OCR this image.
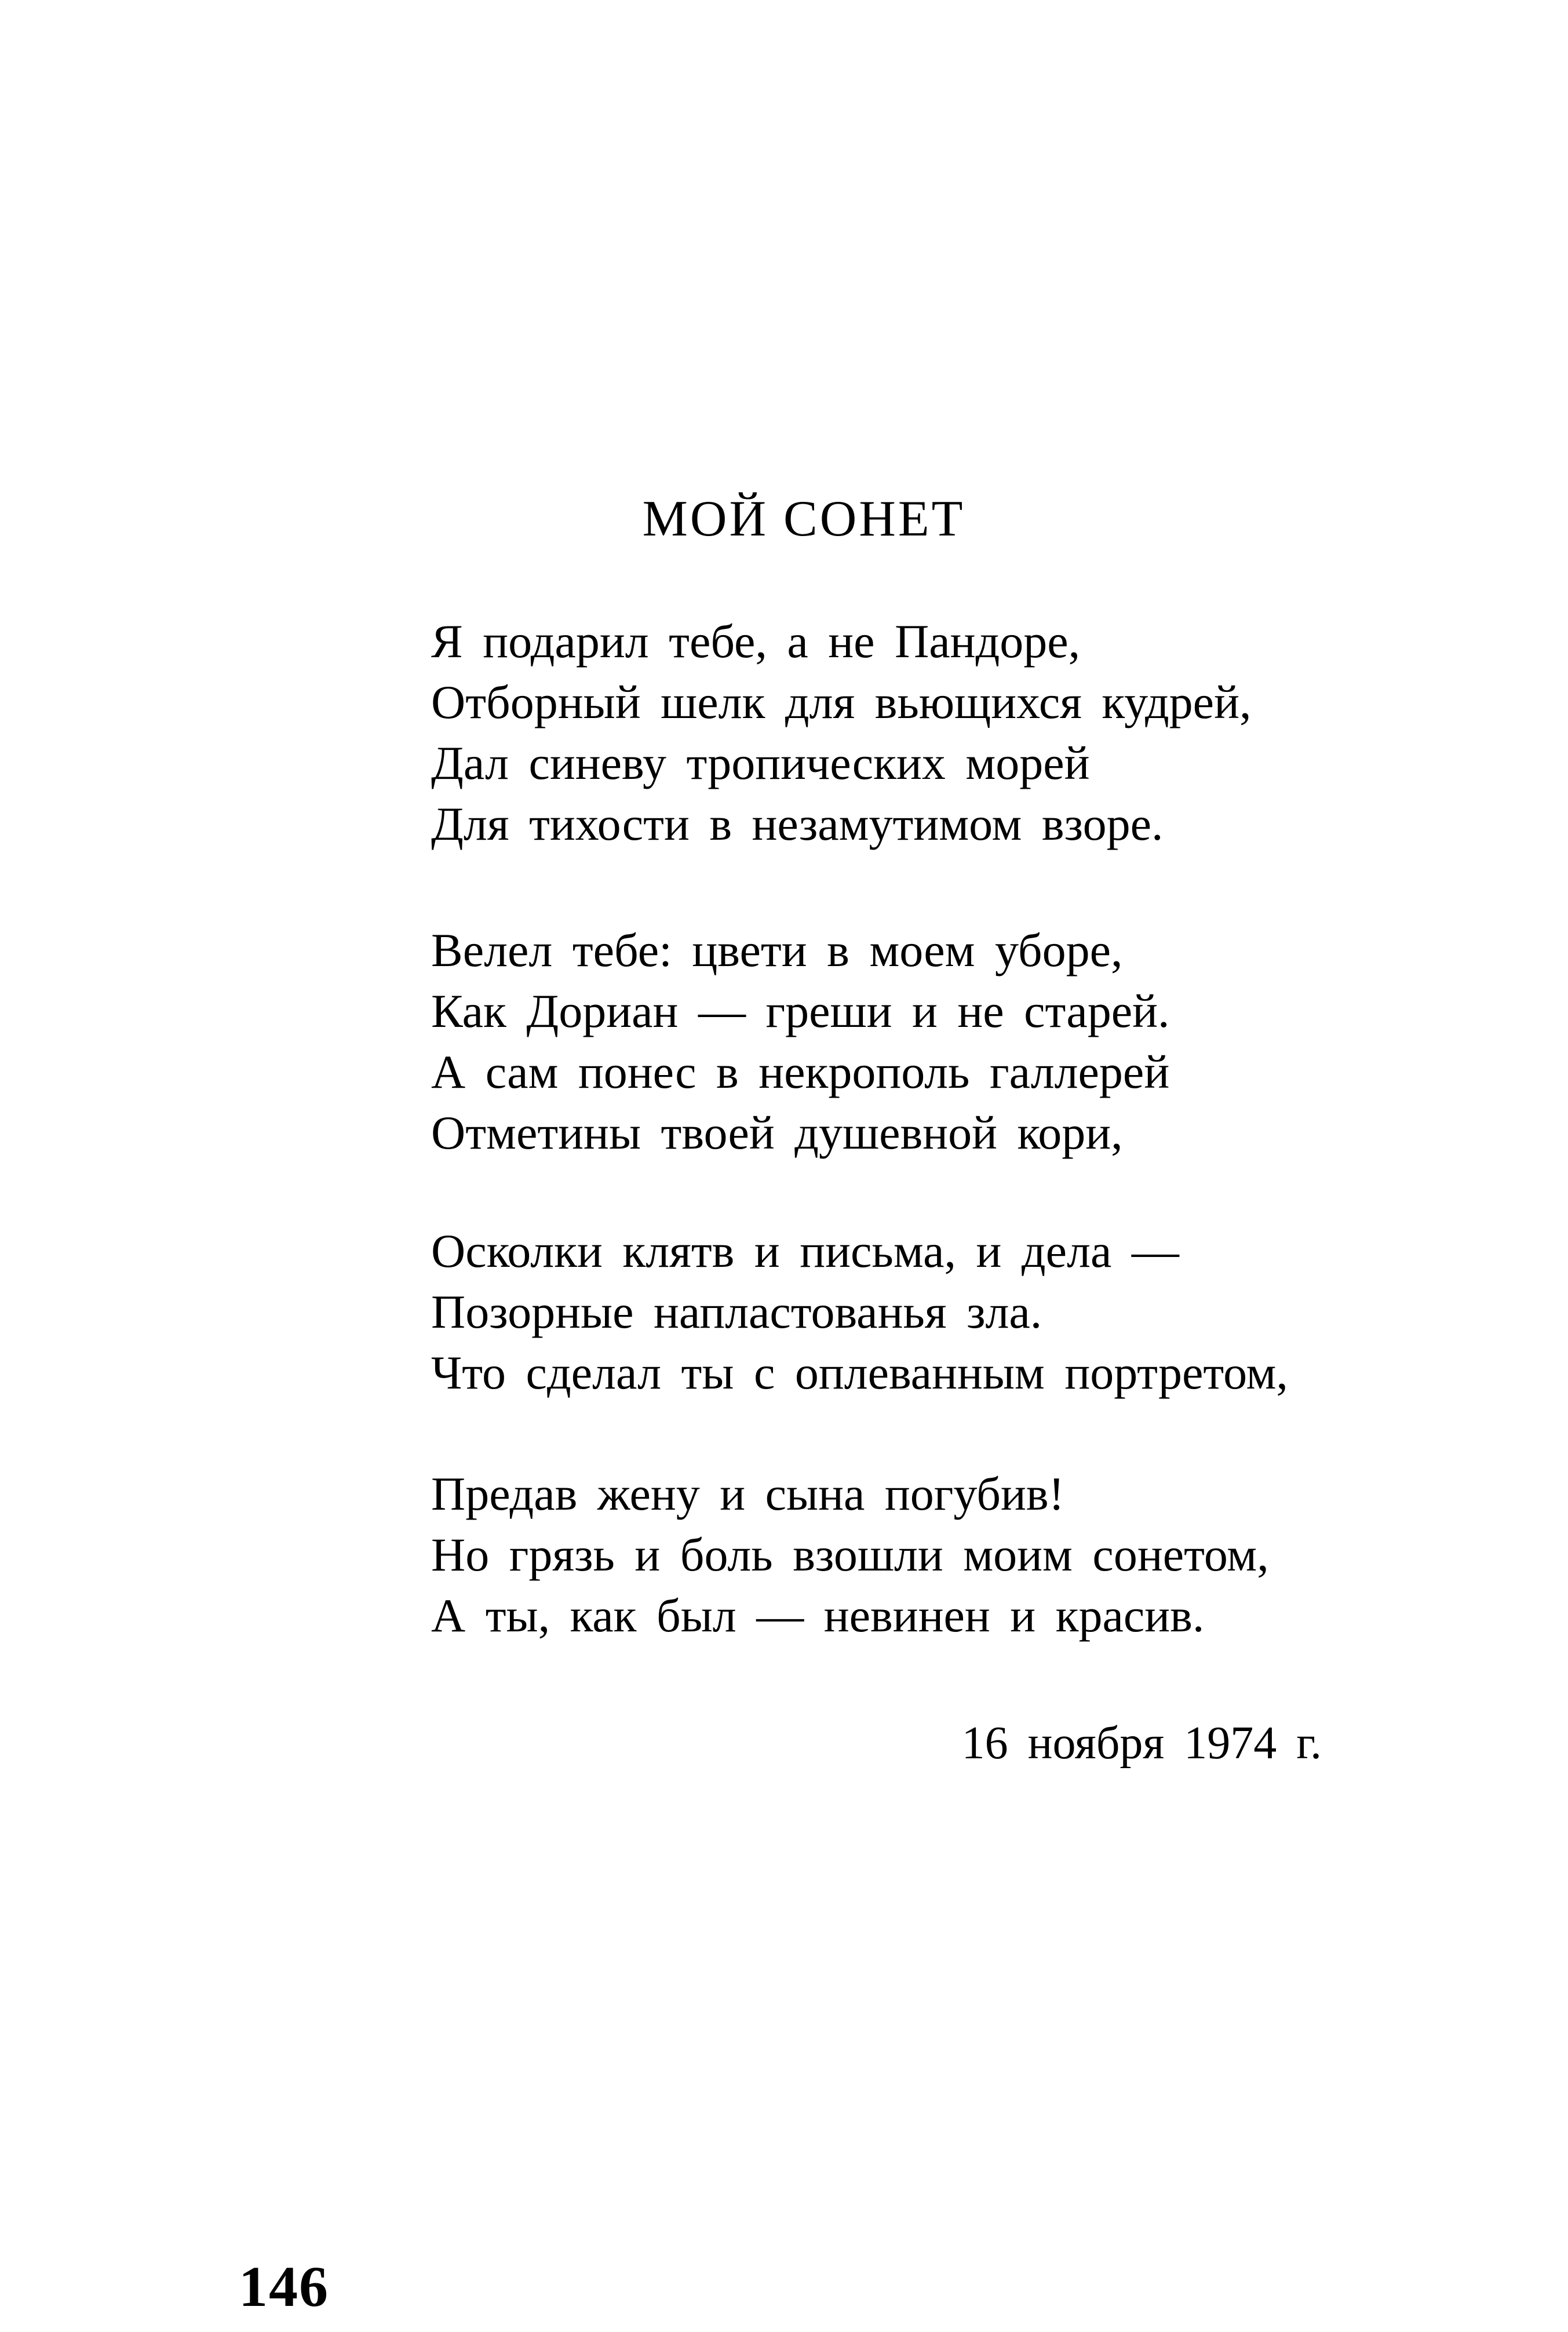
МОЙ СОНЕТ
Я подарил тебе, а не Пандоре,
Отборный шелк для вьющихся кудрей,
Дал синеву тропических морей
Для тихости в незамутимом взоре.
Велел тебе: цвети в моем уборе,
Как Дориан — греши и не старей.
А сам понес в некрополь галлерей
Отметины твоей душевной кори,
Осколки клятв и письма, и дела —
Позорные напластованья зла.
Что сделал ты с оплеванным портретом,
Предав жену и сына погубив!
Но грязь и боль взошли моим сонетом,
А ты, как был — невинен и красив.
16 ноября 1974 г.
146
